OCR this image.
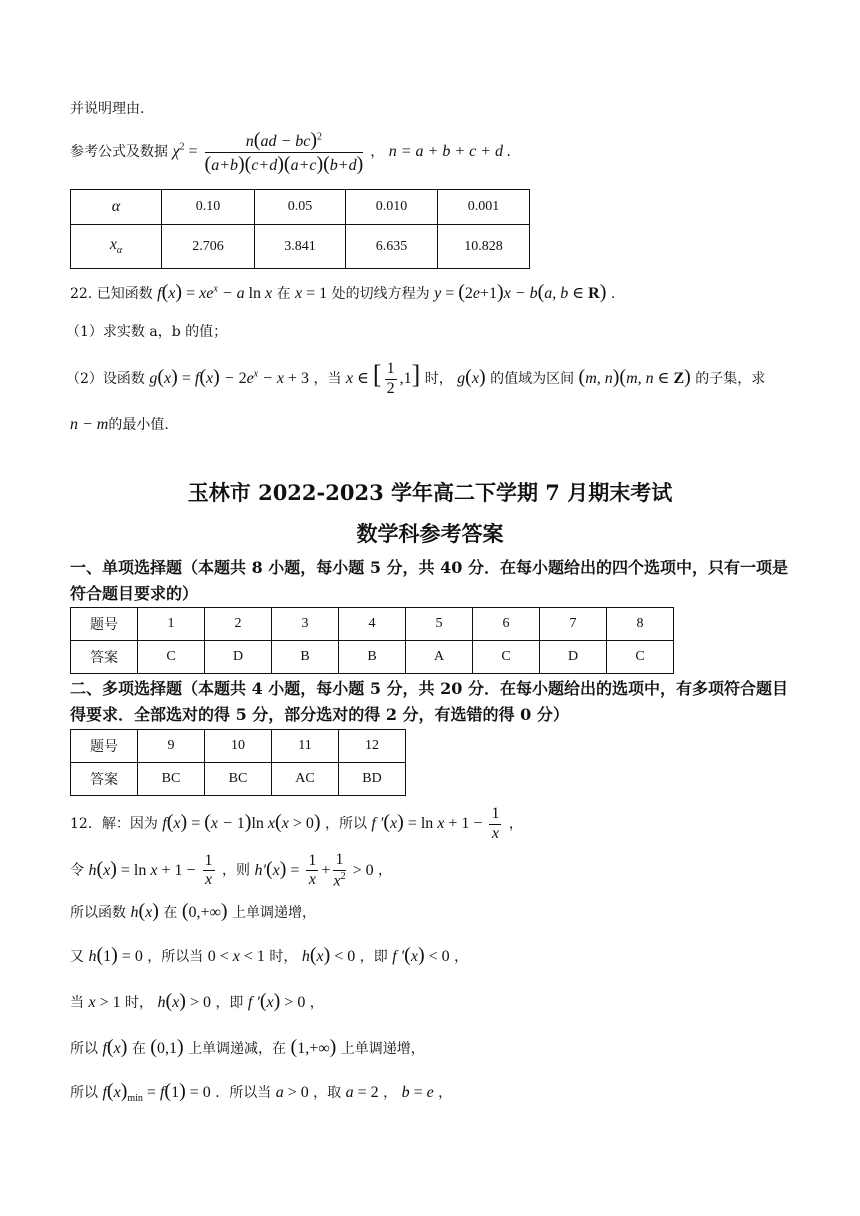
并说明理由.
参考公式及数据 $\chi^2 = \frac{n(ad - bc)^2}{(a+b)(c+d)(a+c)(b+d)}$ ， n = a + b + c + d .
α	0.10	0.05	0.010	0.001
$x_\alpha$	2.706	3.841	6.635	10.828
22. 已知函数 $f(x) = xe^x - a$ ln x 在 x = 1 处的切线方程为 y = (2e+1)x − b(a, b ∈ R) .
（1）求实数 a，b 的值；
（2）设函数 $g(x) = f(x) - 2e^x - x + 3$ ，当 x ∈ [ $\frac{1}{2} ,1$] 时， g(x) 的值域为区间 (m, n)(m, n ∈ Z) 的子集，求
n − m的最小值.
玉林市 2022-2023 学年高二下学期 7 月期末考试
数学科参考答案
一、单项选择题（本题共 8 小题，每小题 5 分，共 40 分．在每小题给出的四个选项中，只有一项是符合题目要求的）
题号	1	2	3	4	5	6	7	8
答案	C	D	B	B	A	C	D	C
二、多项选择题（本题共 4 小题，每小题 5 分，共 20 分．在每小题给出的选项中，有多项符合题目得要求．全部选对的得 5 分，部分选对的得 2 分，有选错的得 0 分）
题号	9	10	11	12
答案	BC	BC	AC	BD
12．解：因为 f(x) = (x − 1)ln x(x > 0) ，所以 f $'(x) = \ln x + 1 - \frac{1}{x}$ ，
令 $h(x) = \ln x + 1 - \frac{1}{x}$ ，则 $h'(x) = \frac{1}{x} + \frac{1}{x^2} > 0$ ，
所以函数 h(x) 在 (0,+∞) 上单调递增，
又 h(1) = 0 ，所以当 0 < x < 1 时， h(x) < 0 ，即 f ′(x) < 0 ，
当 x > 1 时， h(x) > 0 ，即 f ′(x) > 0 ，
所以 f(x) 在 (0,1) 上单调递减，在 (1,+∞) 上单调递增，
所以 $f(x)_{min} = f(1) = 0$ ．所以当 a > 0 ，取 a = 2 ， b = e ，
